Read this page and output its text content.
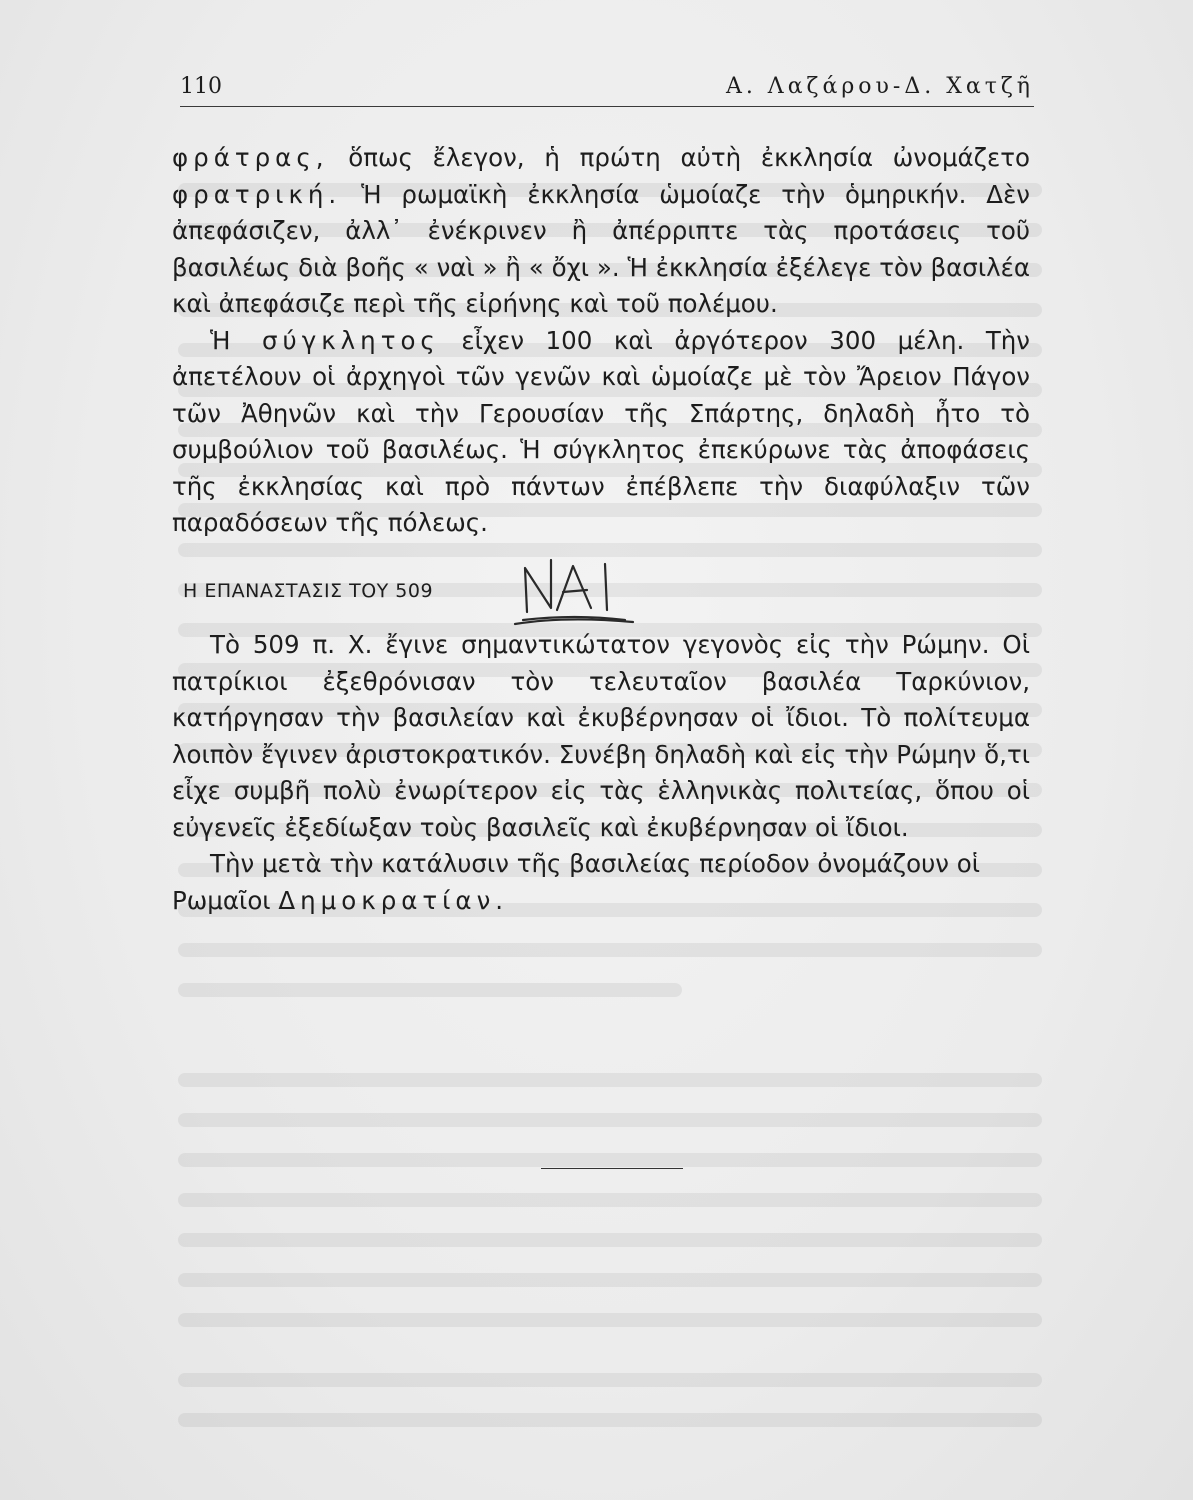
110	Α. Λαζάρου-Δ. Χατζῆ

φράτρας, ὅπως ἔλεγον, ἡ πρώτη αὐτὴ ἐκκλησία ὠνομάζετο φρατρική. Ἡ ρωμαϊκὴ ἐκκλησία ὡμοίαζε τὴν ὁμηρικήν. Δὲν ἀπεφάσιζεν, ἀλλ᾽ ἐνέκρινεν ἢ ἀπέρριπτε τὰς προτάσεις τοῦ βασιλέως διὰ βοῆς « ναὶ » ἢ « ὄχι ». Ἡ ἐκκλησία ἐξέλεγε τὸν βασιλέα καὶ ἀπεφάσιζε περὶ τῆς εἰρήνης καὶ τοῦ πολέμου.

Ἡ σύγκλητος εἶχεν 100 καὶ ἀργότερον 300 μέλη. Τὴν ἀπετέλουν οἱ ἀρχηγοὶ τῶν γενῶν καὶ ὡμοίαζε μὲ τὸν Ἄρειον Πάγον τῶν Ἀθηνῶν καὶ τὴν Γερουσίαν τῆς Σπάρτης, δηλαδὴ ἦτο τὸ συμβούλιον τοῦ βασιλέως. Ἡ σύγκλητος ἐπεκύρωνε τὰς ἀποφάσεις τῆς ἐκκλησίας καὶ πρὸ πάντων ἐπέβλεπε τὴν διαφύλαξιν τῶν παραδόσεων τῆς πόλεως.

Η ΕΠΑΝΑΣΤΑΣΙΣ ΤΟΥ 509

Τὸ 509 π. Χ. ἔγινε σημαντικώτατον γεγονὸς εἰς τὴν Ρώμην. Οἱ πατρίκιοι ἐξεθρόνισαν τὸν τελευταῖον βασιλέα Ταρκύνιον, κατήργησαν τὴν βασιλείαν καὶ ἐκυβέρνησαν οἱ ἴδιοι. Τὸ πολίτευμα λοιπὸν ἔγινεν ἀριστοκρατικόν. Συνέβη δηλαδὴ καὶ εἰς τὴν Ρώμην ὅ,τι εἶχε συμβῆ πολὺ ἐνωρίτερον εἰς τὰς ἑλληνικὰς πολιτείας, ὅπου οἱ εὐγενεῖς ἐξεδίωξαν τοὺς βασιλεῖς καὶ ἐκυβέρνησαν οἱ ἴδιοι.

Τὴν μετὰ τὴν κατάλυσιν τῆς βασιλείας περίοδον ὀνομάζουν οἱ Ρωμαῖοι Δημοκρατίαν.
